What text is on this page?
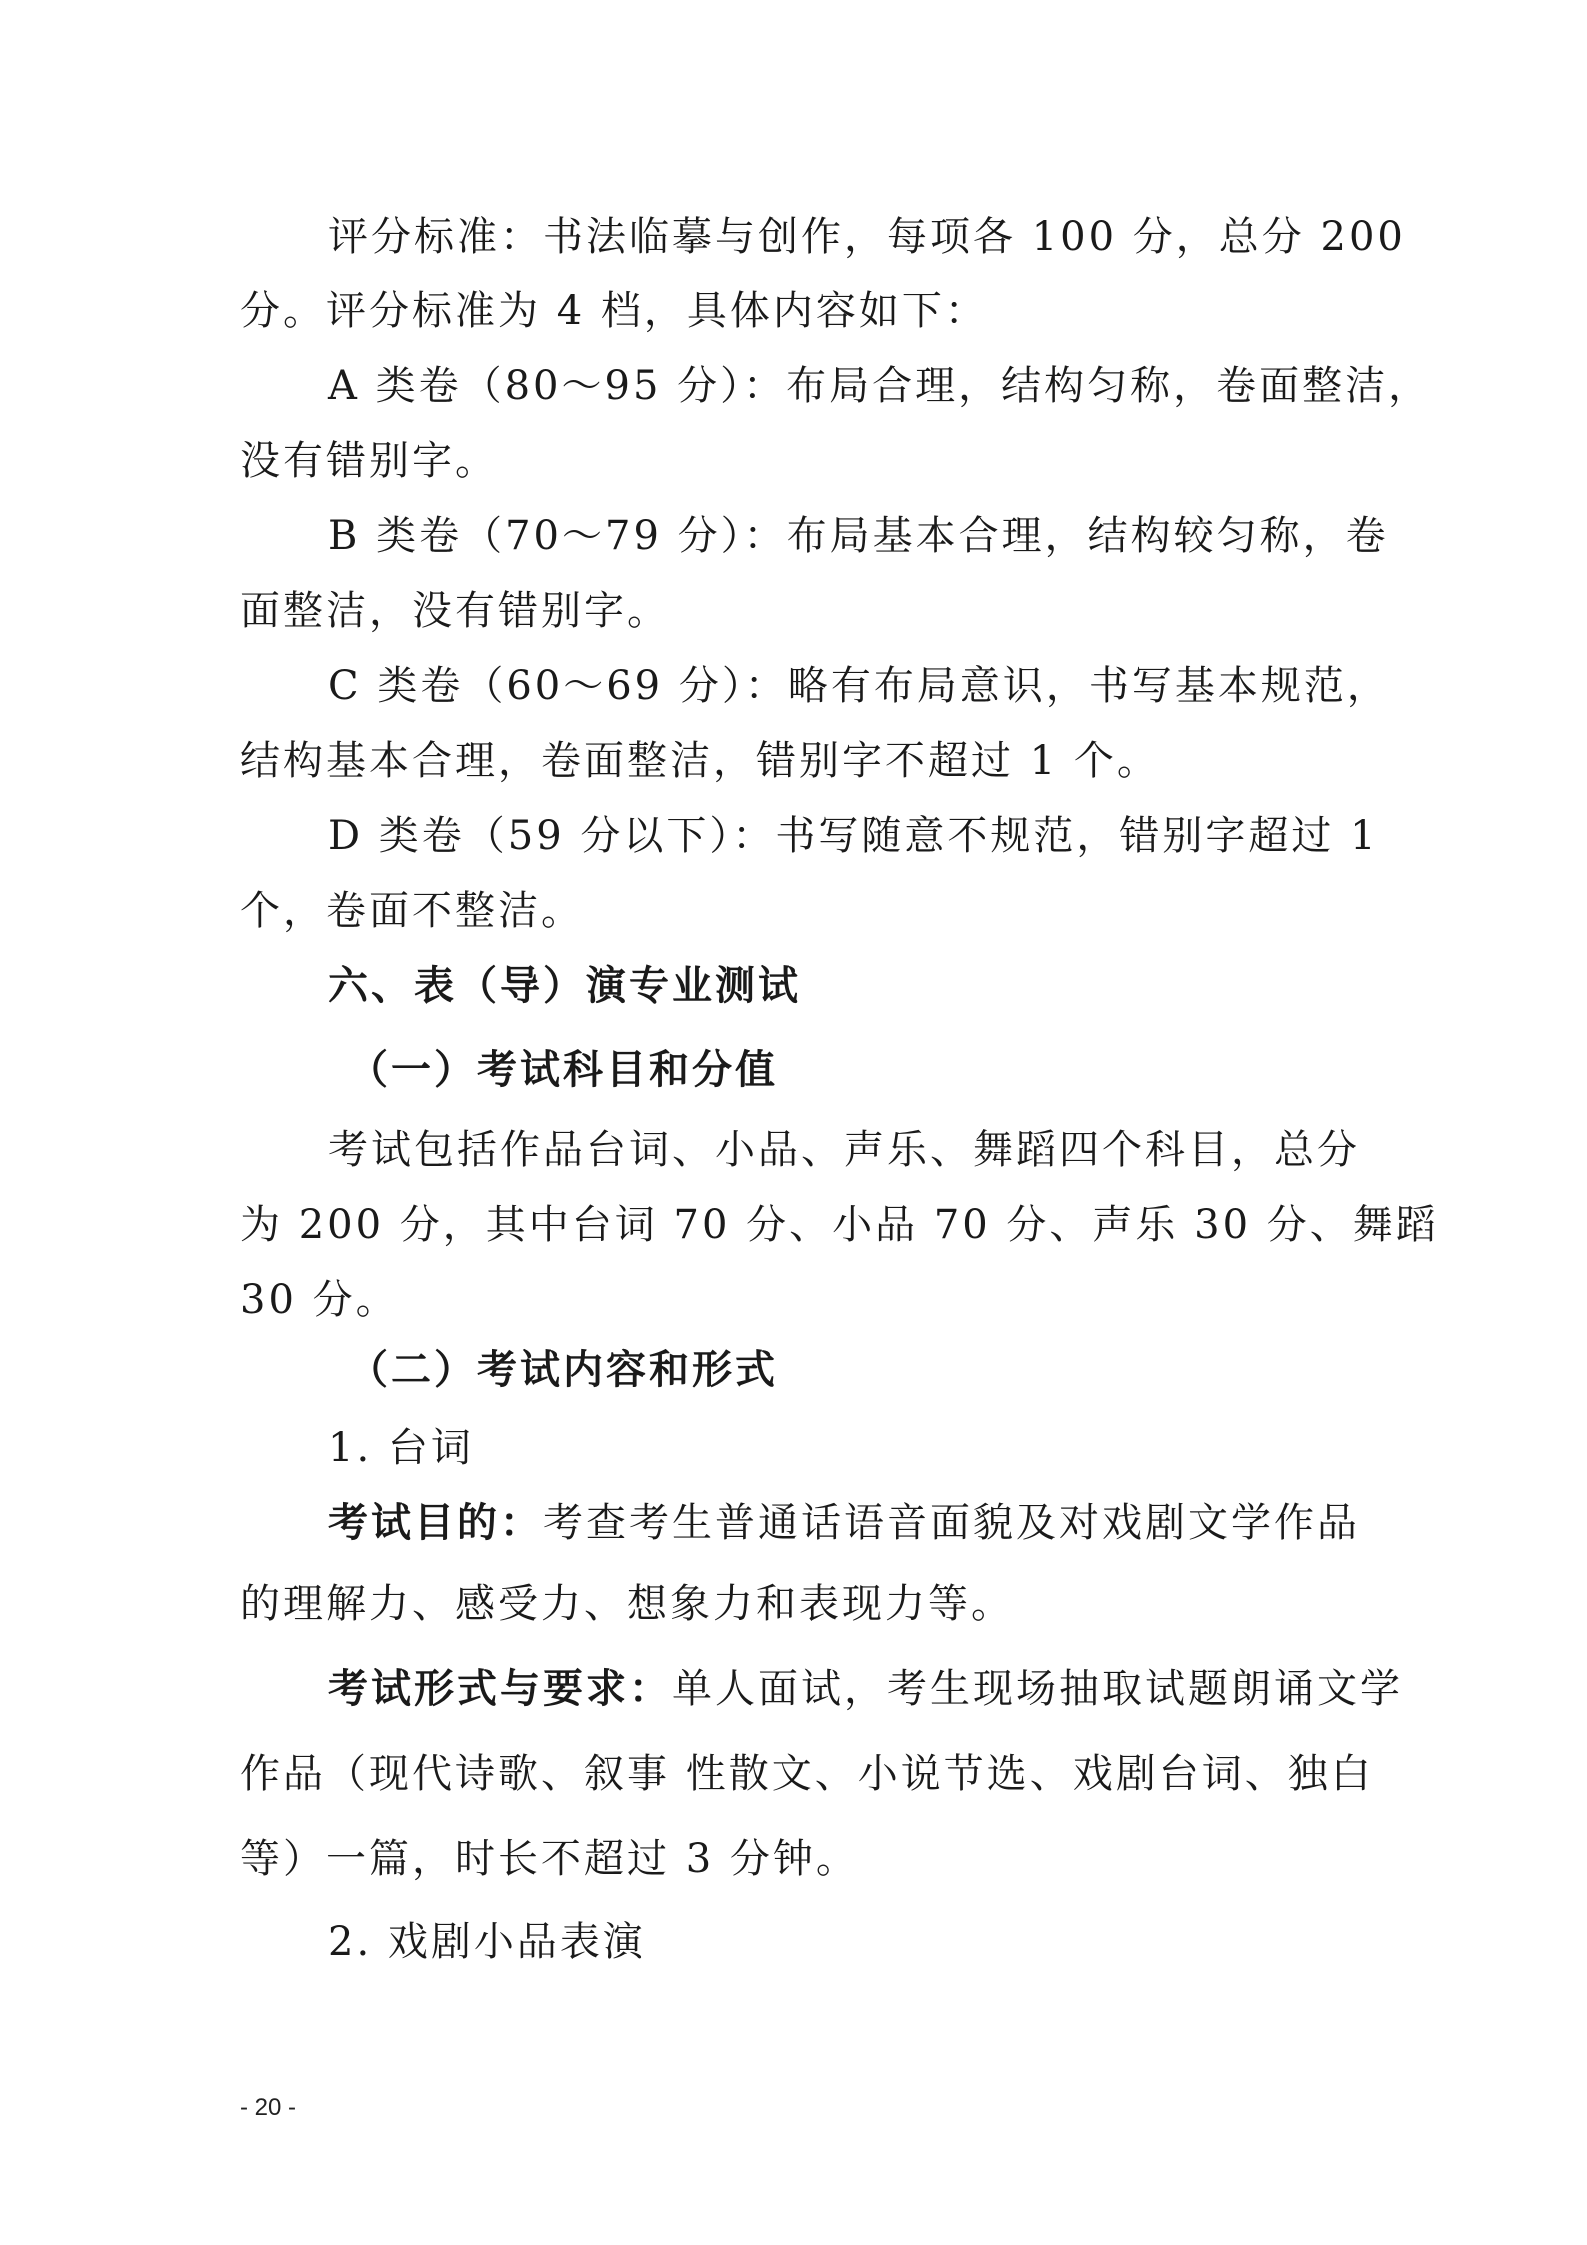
评分标准：书法临摹与创作，每项各 100 分，总分 200
分。评分标准为 4 档，具体内容如下：
A 类卷（80～95 分）：布局合理，结构匀称，卷面整洁，
没有错别字。
B 类卷（70～79 分）：布局基本合理，结构较匀称，卷
面整洁，没有错别字。
C 类卷（60～69 分）：略有布局意识，书写基本规范，
结构基本合理，卷面整洁，错别字不超过 1 个。
D 类卷（59 分以下）：书写随意不规范，错别字超过 1
个，卷面不整洁。
六、表（导）演专业测试
（一）考试科目和分值
考试包括作品台词、小品、声乐、舞蹈四个科目，总分
为 200 分，其中台词 70 分、小品 70 分、声乐 30 分、舞蹈
30 分。
（二）考试内容和形式
1. 台词
考试目的：考查考生普通话语音面貌及对戏剧文学作品
的理解力、感受力、想象力和表现力等。
考试形式与要求：单人面试，考生现场抽取试题朗诵文学
作品（现代诗歌、叙事 性散文、小说节选、戏剧台词、独白
等）一篇，时长不超过 3 分钟。
2. 戏剧小品表演
- 20 -
